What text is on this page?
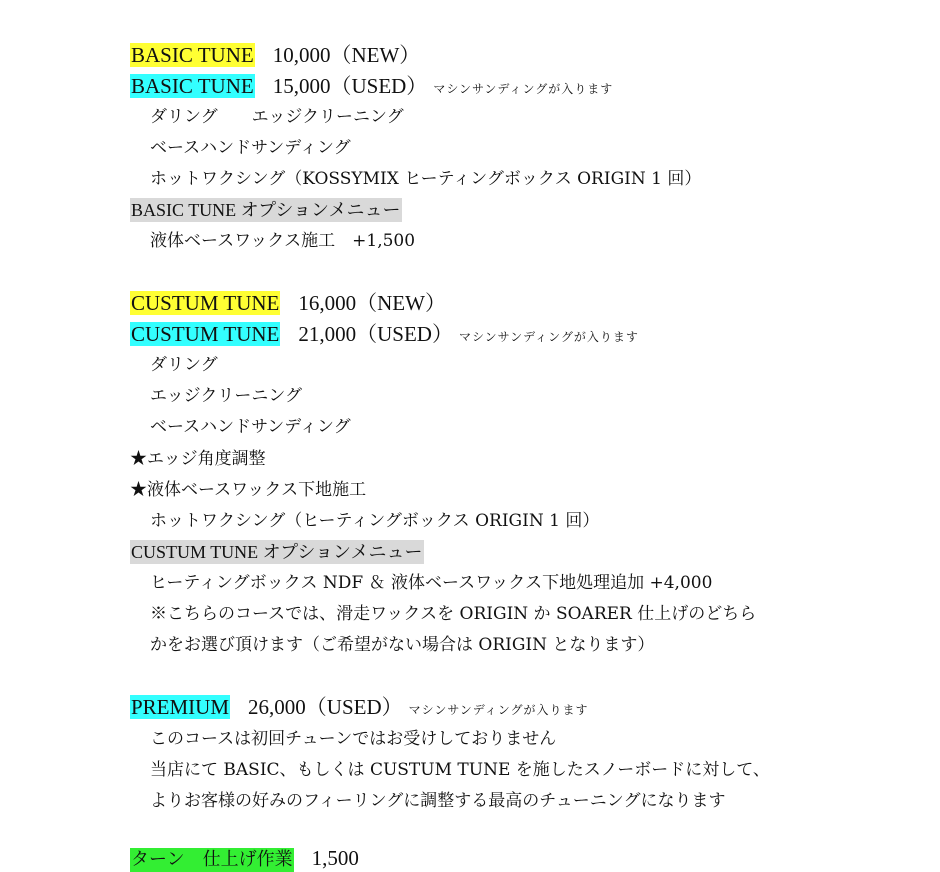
BASIC TUNE 10,000（NEW）
BASIC TUNE 15,000（USED） マシンサンディングが入ります
ダリング　　エッジクリーニング
ベースハンドサンディング
ホットワクシング（KOSSYMIX ヒーティングボックス ORIGIN 1 回）
BASIC TUNE オプションメニュー
液体ベースワックス施工　+1,500
CUSTUM TUNE 16,000（NEW）
CUSTUM TUNE 21,000（USED） マシンサンディングが入ります
ダリング
エッジクリーニング
ベースハンドサンディング
★エッジ角度調整
★液体ベースワックス下地施工
ホットワクシング（ヒーティングボックス ORIGIN 1 回）
CUSTUM TUNE オプションメニュー
ヒーティングボックス NDF ＆ 液体ベースワックス下地処理追加 +4,000
※こちらのコースでは、滑走ワックスを ORIGIN か SOARER 仕上げのどちら
かをお選び頂けます（ご希望がない場合は ORIGIN となります）
PREMIUM 26,000（USED） マシンサンディングが入ります
このコースは初回チューンではお受けしておりません
当店にて BASIC、もしくは CUSTUM TUNE を施したスノーボードに対して、
よりお客様の好みのフィーリングに調整する最高のチューニングになります
ターン　仕上げ作業 1,500
